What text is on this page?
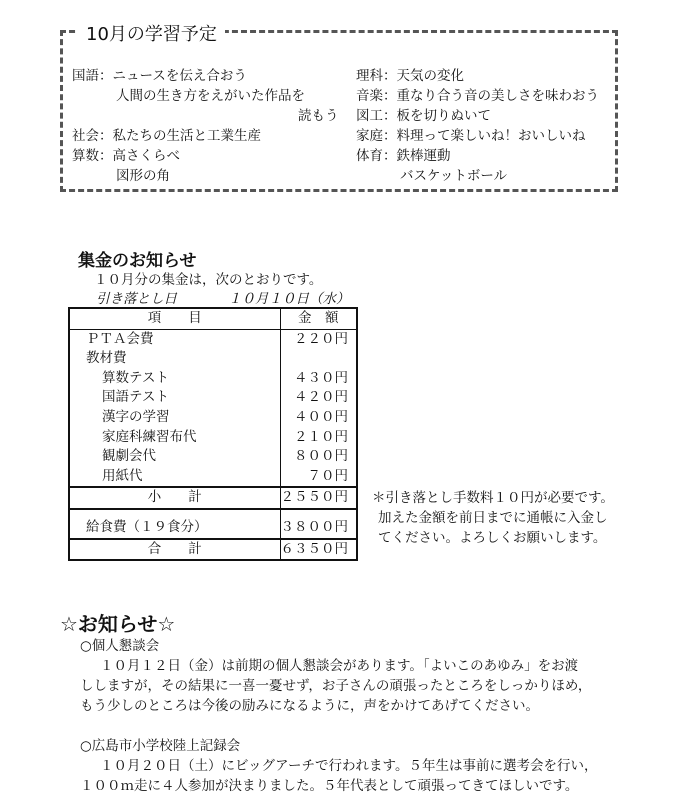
10月の学習予定
国語：ニュースを伝え合おう
人間の生き方をえがいた作品を
読もう
社会：私たちの生活と工業生産
算数：高さくらべ
図形の角
理科：天気の変化
音楽：重なり合う音の美しさを味わおう
図工：板を切りぬいて
家庭：料理って楽しいね！おいしいね
体育：鉄棒運動
バスケットボール
集金のお知らせ
１０月分の集金は，次のとおりです。
引き落とし日	１０月１０日（水）
項　　目	金　額
ＰＴＡ会費	２２０円
教材費	
算数テスト	４３０円
国語テスト	４２０円
漢字の学習	４００円
家庭科練習布代	２１０円
観劇会代	８００円
用紙代	７０円
小　　計	２５５０円

給食費（１９食分）	３８００円
合　　計	６３５０円
＊引き落とし手数料１０円が必要です。
加えた金額を前日までに通帳に入金し
てください。よろしくお願いします。
☆お知らせ☆
○個人懇談会
１０月１２日（金）は前期の個人懇談会があります。「よいこのあゆみ」をお渡
ししますが，その結果に一喜一憂せず，お子さんの頑張ったところをしっかりほめ，
もう少しのところは今後の励みになるように，声をかけてあげてください。
○広島市小学校陸上記録会
１０月２０日（土）にビッグアーチで行われます。５年生は事前に選考会を行い，
１００ｍ走に４人参加が決まりました。５年代表として頑張ってきてほしいです。
